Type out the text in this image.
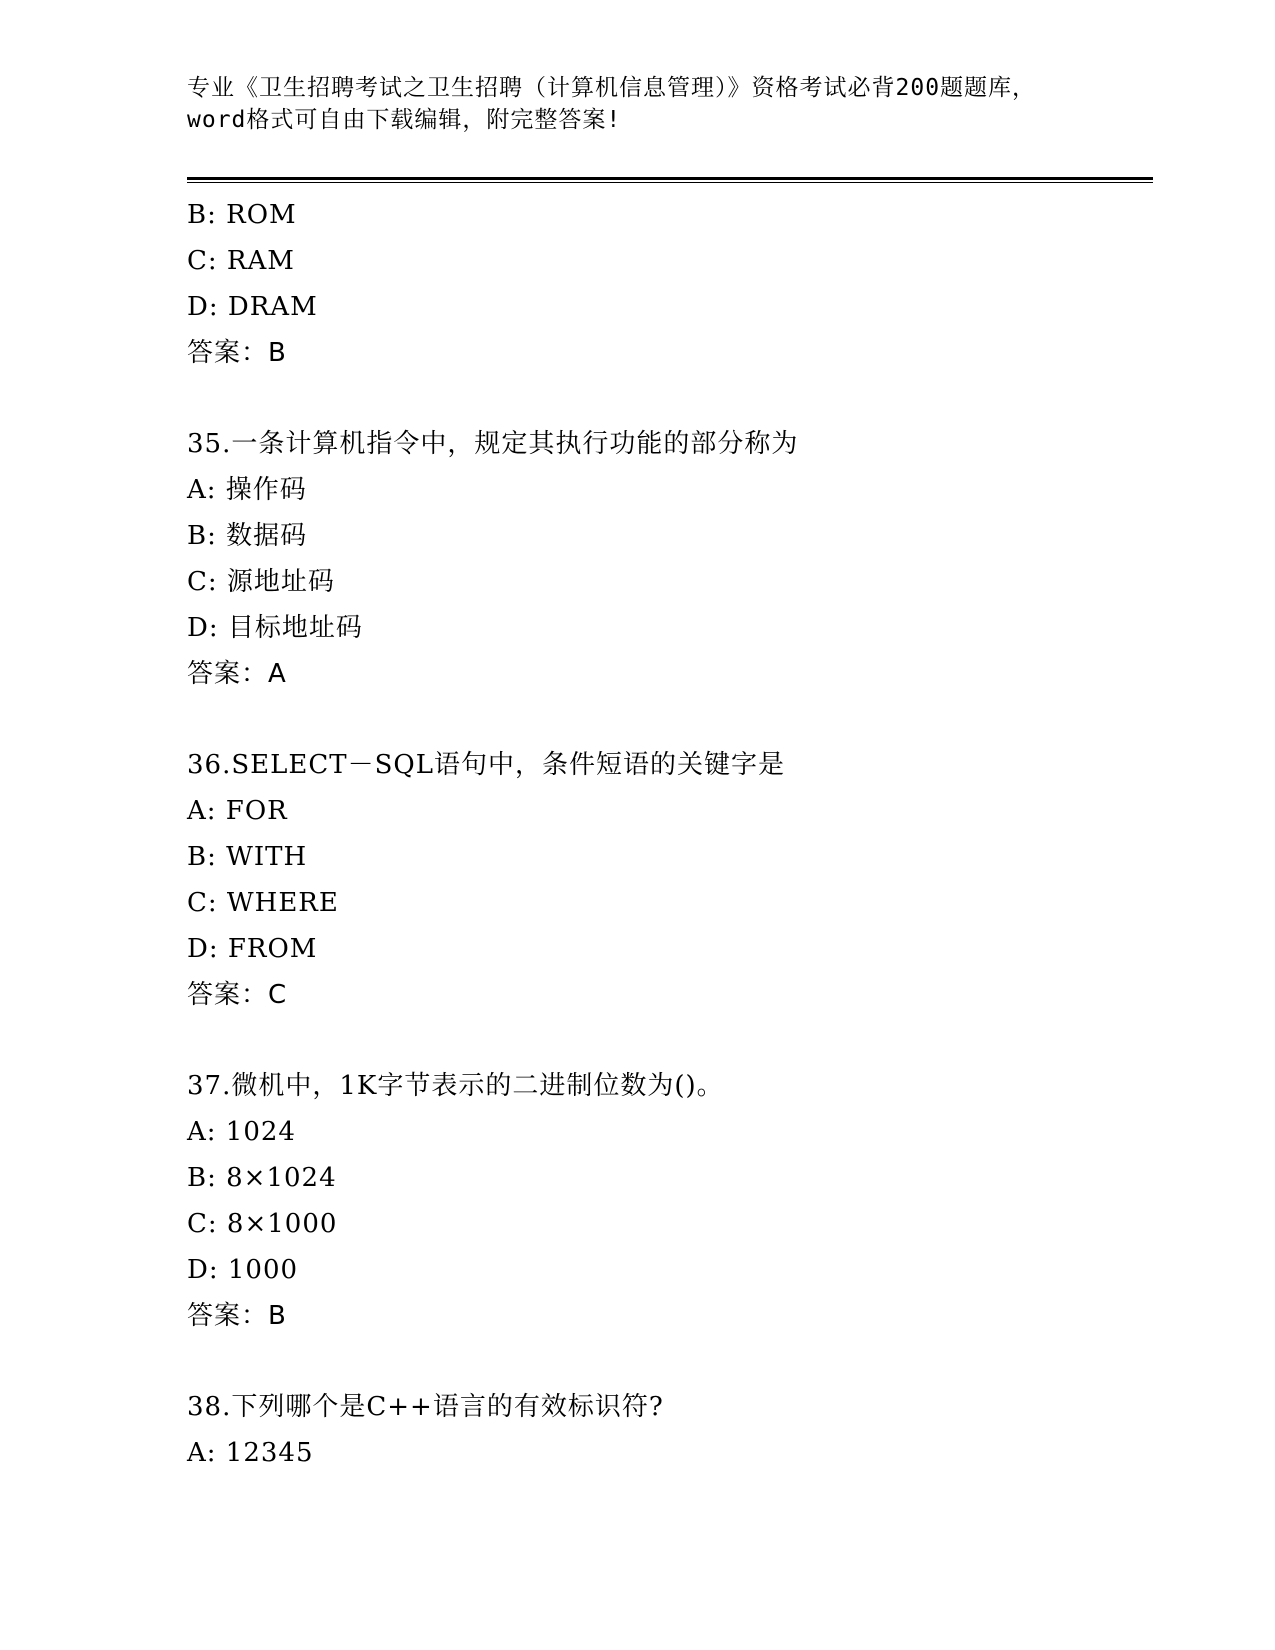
专业《卫生招聘考试之卫生招聘（计算机信息管理）》资格考试必背200题题库，
word格式可自由下载编辑，附完整答案!
B: ROM
C: RAM
D: DRAM
答案：B
35.一条计算机指令中，规定其执行功能的部分称为
A: 操作码
B: 数据码
C: 源地址码
D: 目标地址码
答案：A
36.SELECT－SQL语句中，条件短语的关键字是
A: FOR
B: WITH
C: WHERE
D: FROM
答案：C
37.微机中，1K字节表示的二进制位数为()。
A: 1024
B: 8×1024
C: 8×1000
D: 1000
答案：B
38.下列哪个是C++语言的有效标识符?
A: 12345
